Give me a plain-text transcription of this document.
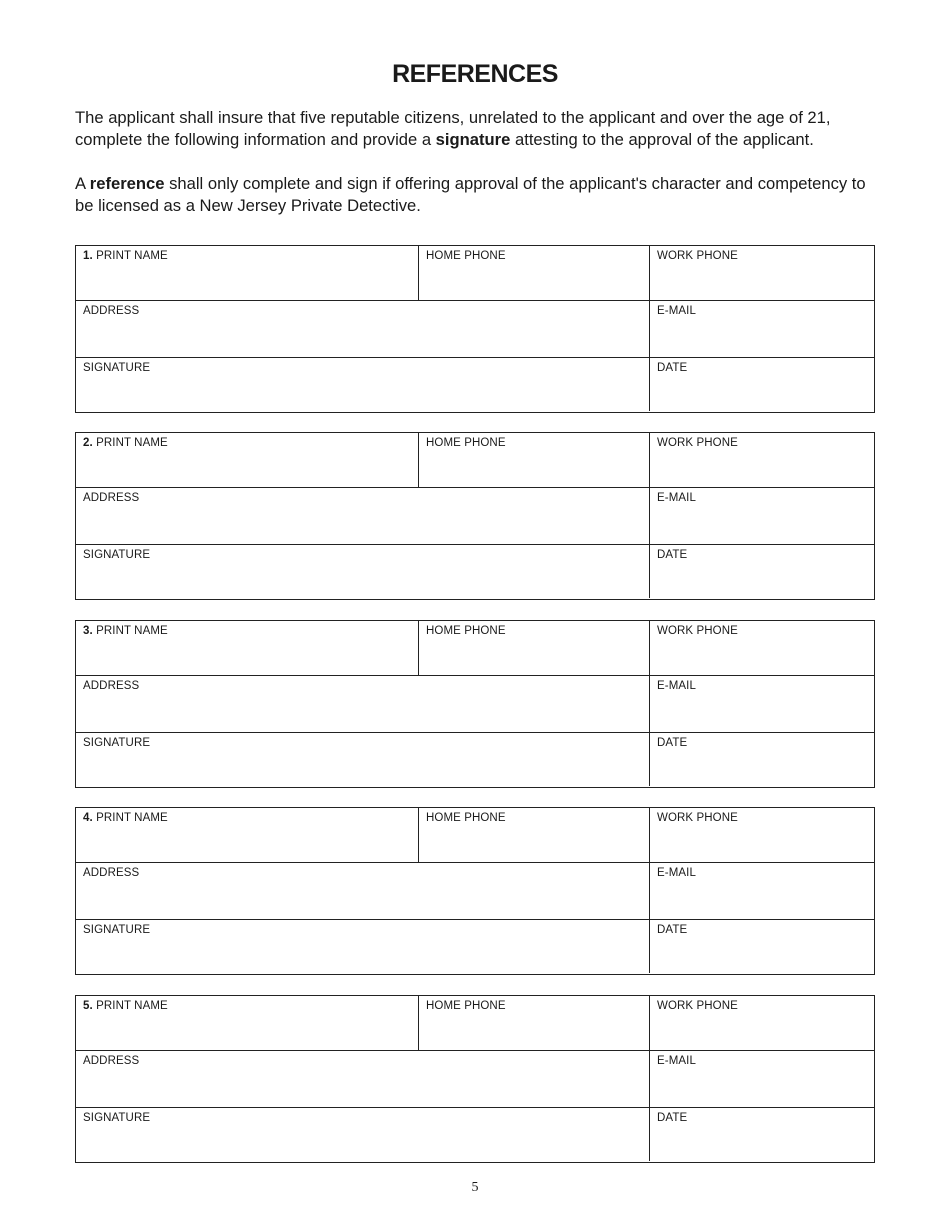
REFERENCES

The applicant shall insure that five reputable citizens, unrelated to the applicant and over the age of 21, complete the following information and provide a signature attesting to the approval of the applicant.

A reference shall only complete and sign if offering approval of the applicant's character and competency to be licensed as a New Jersey Private Detective.

1. PRINT NAME	HOME PHONE	WORK PHONE
ADDRESS	E-MAIL
SIGNATURE	DATE
2. PRINT NAME	HOME PHONE	WORK PHONE
ADDRESS	E-MAIL
SIGNATURE	DATE
3. PRINT NAME	HOME PHONE	WORK PHONE
ADDRESS	E-MAIL
SIGNATURE	DATE
4. PRINT NAME	HOME PHONE	WORK PHONE
ADDRESS	E-MAIL
SIGNATURE	DATE
5. PRINT NAME	HOME PHONE	WORK PHONE
ADDRESS	E-MAIL
SIGNATURE	DATE
5
